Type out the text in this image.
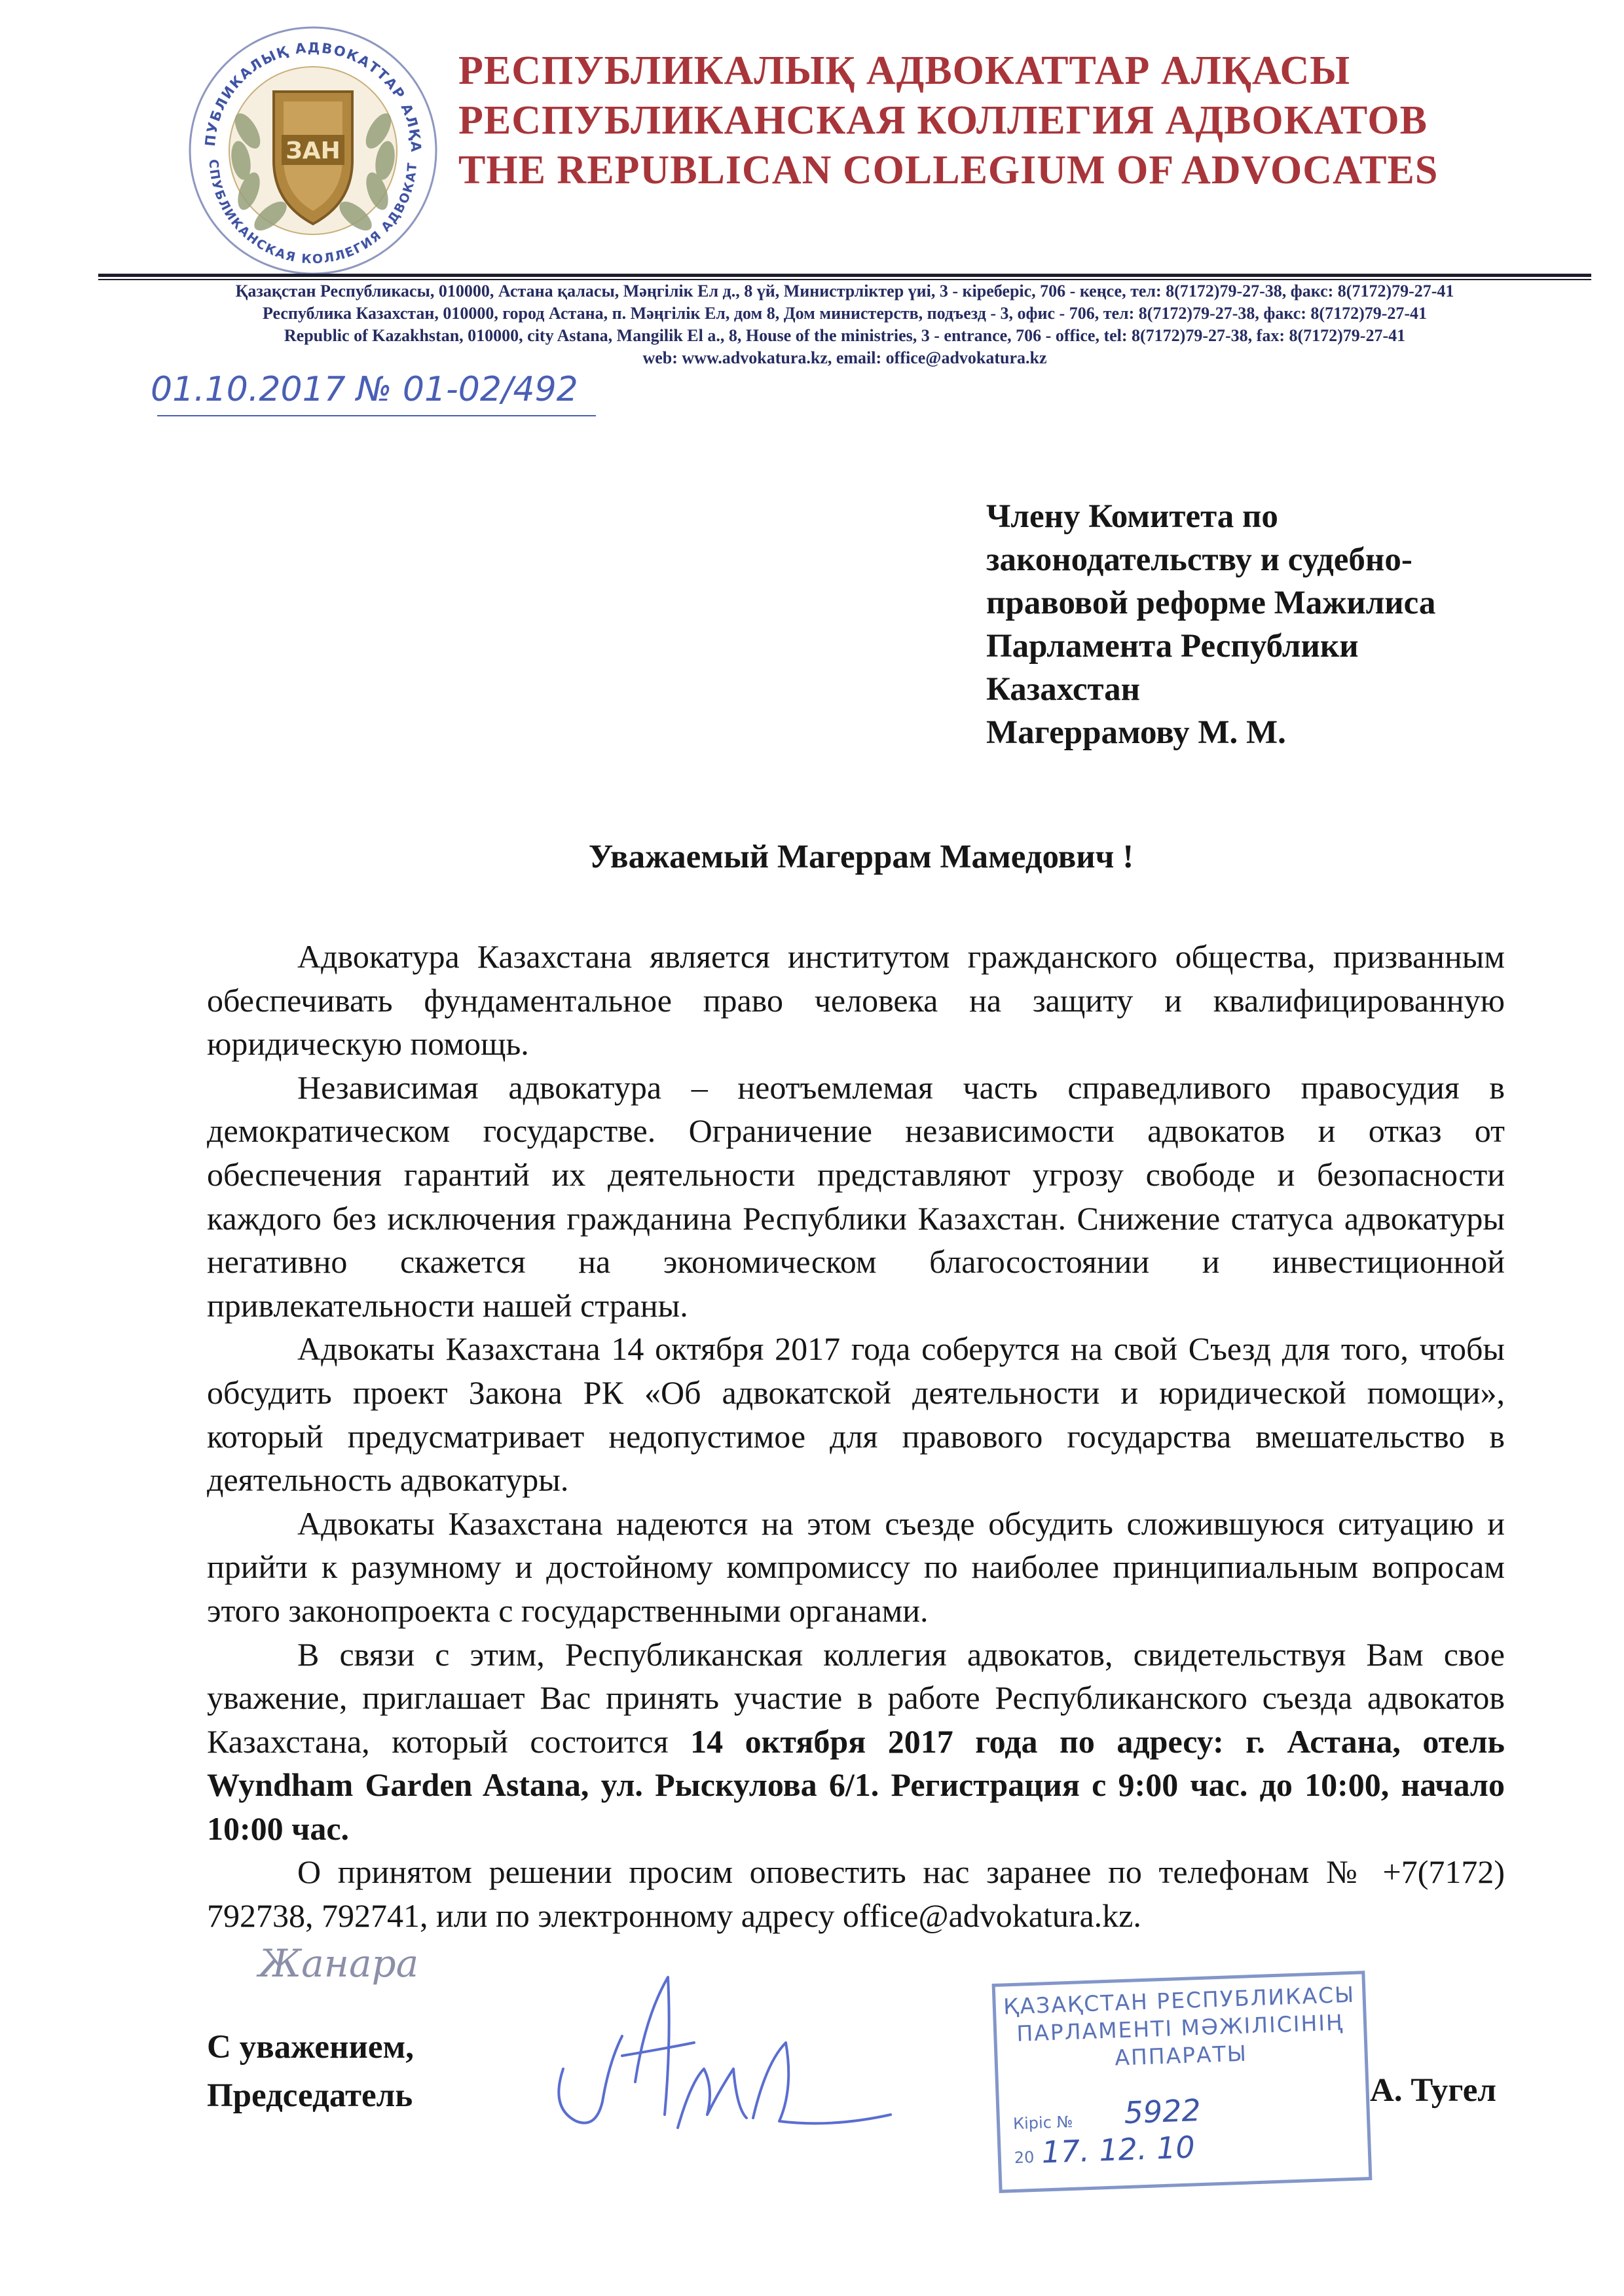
ПУБЛИКАЛЫҚ АДВОКАТТАР АЛҚА
СПУБЛИКАНСКАЯ КОЛЛЕГИЯ АДВОКАТ
ЗАН
РЕСПУБЛИКАЛЫҚ АДВОКАТТАР АЛҚАСЫ
РЕСПУБЛИКАНСКАЯ КОЛЛЕГИЯ АДВОКАТОВ
THE REPUBLICAN COLLEGIUM OF ADVOCATES
Қазақстан Республикасы, 010000, Астана қаласы, Мәңгілік Ел д., 8 үй, Министрліктер үиі, 3 - кіреберіс, 706 - кеңсе, тел: 8(7172)79-27-38, факс: 8(7172)79-27-41
Республика Казахстан, 010000, город Астана, п. Мәңгілік Ел, дом 8, Дом министерств, подъезд - 3, офис - 706, тел: 8(7172)79-27-38, факс: 8(7172)79-27-41
Republic of Kazakhstan, 010000, city Astana, Mangilik El a., 8, House of the ministries, 3 - entrance, 706 - office, tel: 8(7172)79-27-38, fax: 8(7172)79-27-41
web: www.advokatura.kz, email: office@advokatura.kz
01.10.2017 № 01-02/492
Члену Комитета по
законодательству и судебно-
правовой реформе Мажилиса
Парламента Республики
Казахстан
Магеррамову М. М.
Уважаемый Магеррам Мамедович !

Адвокатура Казахстана является институтом гражданского общества, призванным обеспечивать фундаментальное право человека на защиту и квалифицированную юридическую помощь.

Независимая адвокатура – неотъемлемая часть справедливого правосудия в демократическом государстве. Ограничение независимости адвокатов и отказ от обеспечения гарантий их деятельности представляют угрозу свободе и безопасности каждого без исключения гражданина Республики Казахстан. Снижение статуса адвокатуры негативно скажется на экономическом благосостоянии и инвестиционной привлекательности нашей страны.

Адвокаты Казахстана 14 октября 2017 года соберутся на свой Съезд для того, чтобы обсудить проект Закона РК «Об адвокатской деятельности и юридической помощи», который предусматривает недопустимое для правового государства вмешательство в деятельность адвокатуры.

Адвокаты Казахстана надеются на этом съезде обсудить сложившуюся ситуацию и прийти к разумному и достойному компромиссу по наиболее принципиальным вопросам этого законопроекта с государственными органами.

В связи с этим, Республиканская коллегия адвокатов, свидетельствуя Вам свое уважение, приглашает Вас принять участие в работе Республиканского съезда адвокатов Казахстана, который состоится 14 октября 2017 года по адресу: г. Астана, отель Wyndham Garden Astana, ул. Рыскулова 6/1. Регистрация с 9:00 час. до 10:00, начало 10:00 час.

О принятом решении просим оповестить нас заранее по телефонам № +7(7172) 792738, 792741, или по электронному адресу office@advokatura.kz.

Жанара
С уважением,
Председатель	А. Тугел
ҚАЗАҚСТАН РЕСПУБЛИКАСЫ
ПАРЛАМЕНТІ МӘЖІЛІСІНІҢ
АППАРАТЫ
Кіріс №
20
5922
17. 12. 10
